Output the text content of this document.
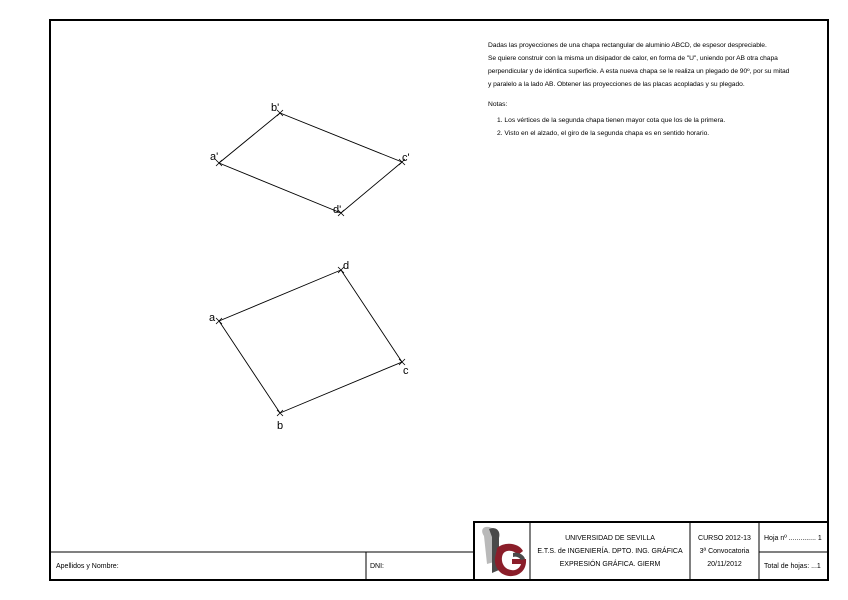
a'
b'
c'
d'
a
d
c
b

Dadas las proyecciones de una chapa rectangular de aluminio ABCD, de espesor despreciable.

Se quiere construir con la misma un disipador de calor, en forma de "U", uniendo por AB otra chapa

perpendicular y de idéntica superficie. A esta nueva chapa se le realiza un plegado de 90º, por su mitad

y paralelo a la lado AB. Obtener las proyecciones de las placas acopladas y su plegado.

Notas:
1. Los vértices de la segunda chapa tienen mayor cota que los de la primera.
2. Visto en el alzado, el giro de la segunda chapa es en sentido horario.
Apellidos y Nombre:	DNI:
UNIVERSIDAD DE SEVILLA
E.T.S. de INGENIERÍA. DPTO. ING. GRÁFICA
EXPRESIÓN GRÁFICA. GIERM
CURSO 2012-13
3ª Convocatoria
20/11/2012
Hoja nº .............. 1
Total de hojas: ...1
